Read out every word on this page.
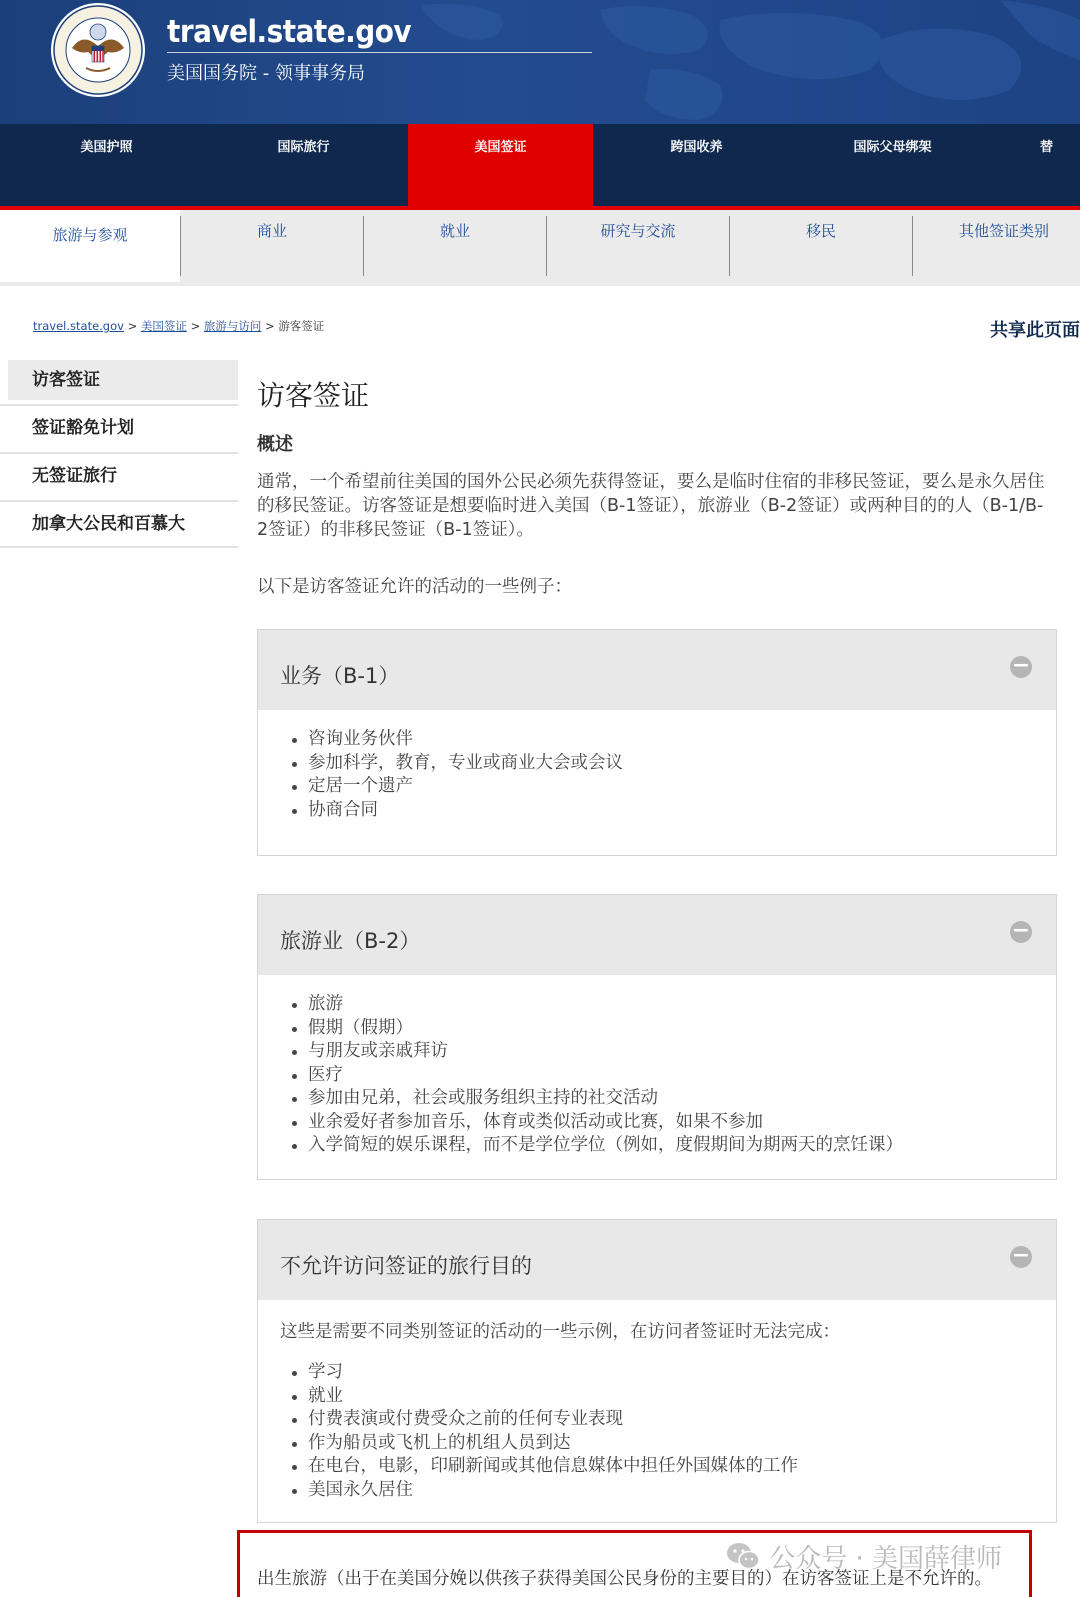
travel.state.gov
美国国务院 - 领事事务局
美国护照	国际旅行	美国签证	跨国收养	国际父母绑架	替
旅游与参观	商业	就业	研究与交流	移民	其他签证类别
travel.state.gov > 美国签证 > 旅游与访问 > 游客签证	共享此页面
访客签证
签证豁免计划
无签证旅行
加拿大公民和百慕大
访客签证
概述

通常，一个希望前往美国的国外公民必须先获得签证，要么是临时住宿的非移民签证，要么是永久居住的移民签证。访客签证是想要临时进入美国（B-1签证），旅游业（B-2签证）或两种目的的人（B-1/B-2签证）的非移民签证（B-1签证）。

以下是访客签证允许的活动的一些例子：

业务（B-1）	−
咨询业务伙伴
参加科学，教育，专业或商业大会或会议
定居一个遗产
协商合同
旅游业（B-2）	−
旅游
假期（假期）
与朋友或亲戚拜访
医疗
参加由兄弟，社会或服务组织主持的社交活动
业余爱好者参加音乐，体育或类似活动或比赛，如果不参加
入学简短的娱乐课程，而不是学位学位（例如，度假期间为期两天的烹饪课）
不允许访问签证的旅行目的	−

这些是需要不同类别签证的活动的一些示例，在访问者签证时无法完成：

学习
就业
付费表演或付费受众之前的任何专业表现
作为船员或飞机上的机组人员到达
在电台，电影，印刷新闻或其他信息媒体中担任外国媒体的工作
美国永久居住
出生旅游（出于在美国分娩以供孩子获得美国公民身份的主要目的）在访客签证上是不允许的。
公众号 · 美国薛律师
